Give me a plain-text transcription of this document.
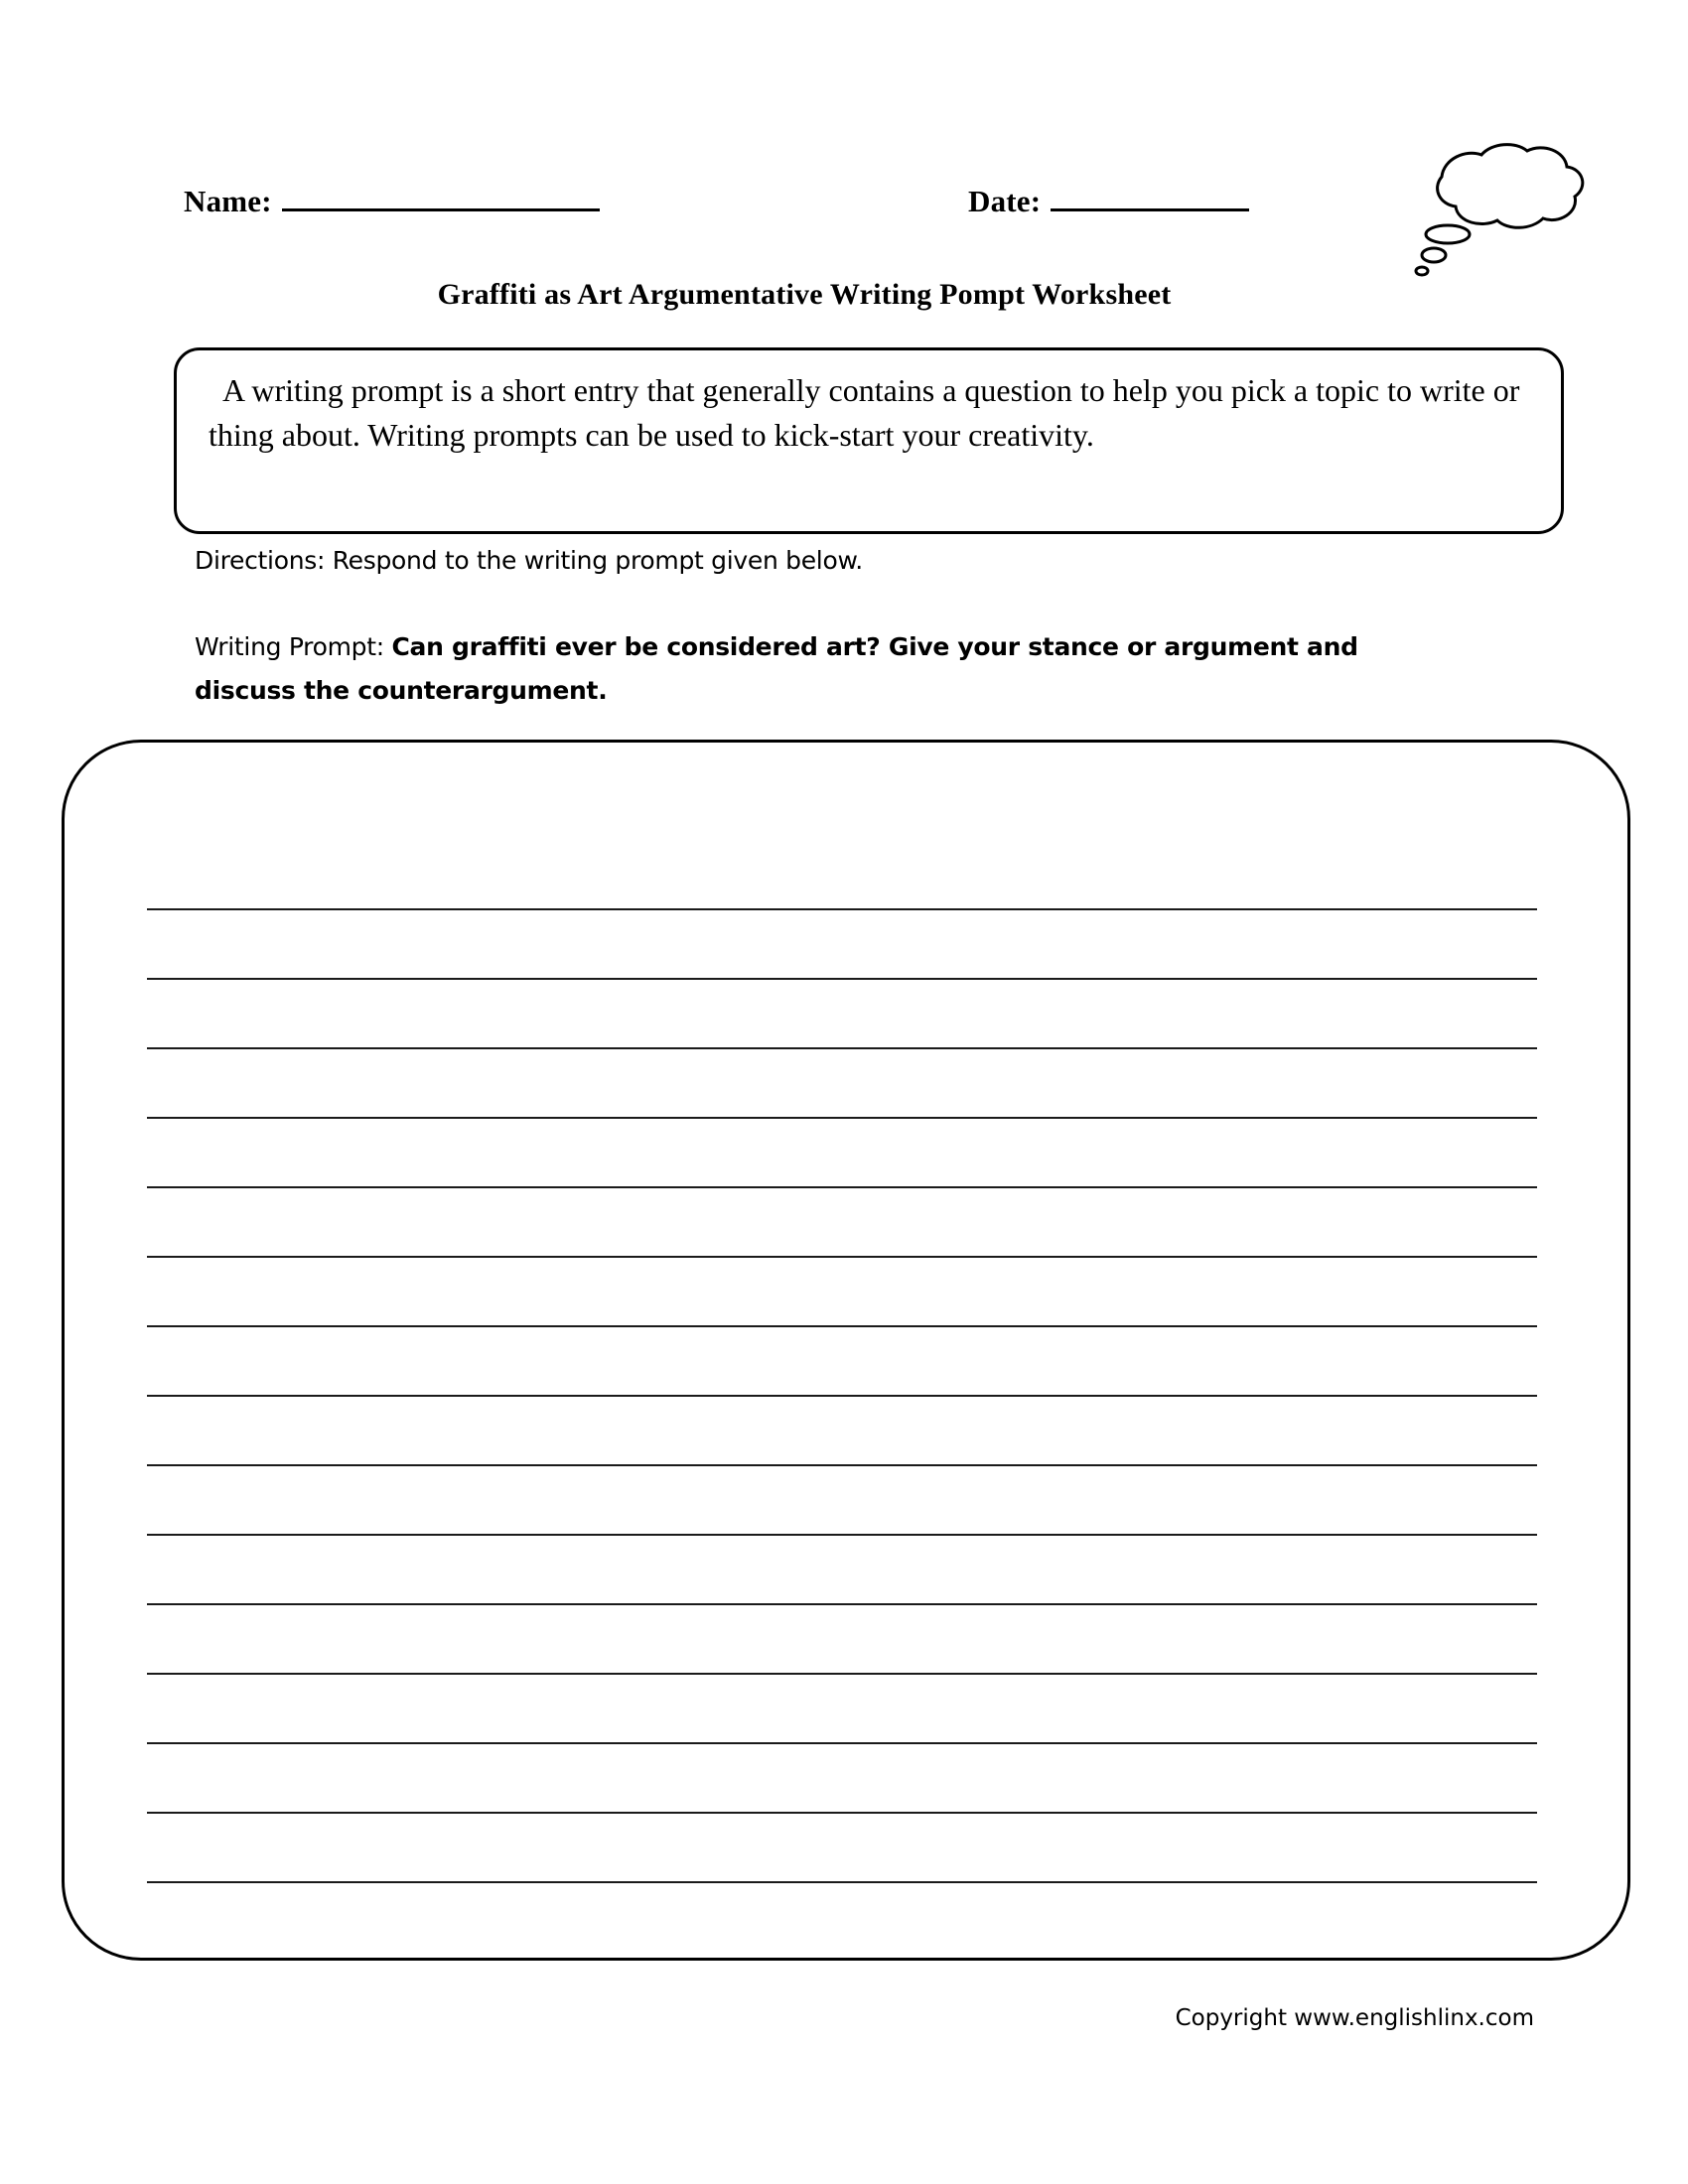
Name:	Date:
Graffiti as Art Argumentative Writing Pompt Worksheet
A writing prompt is a short entry that generally contains a question to help you pick a topic to write or thing about. Writing prompts can be used to kick-start your creativity.
Directions: Respond to the writing prompt given below.
Writing Prompt: Can graffiti ever be considered art? Give your stance or argument and discuss the counterargument.
Copyright www.englishlinx.com
